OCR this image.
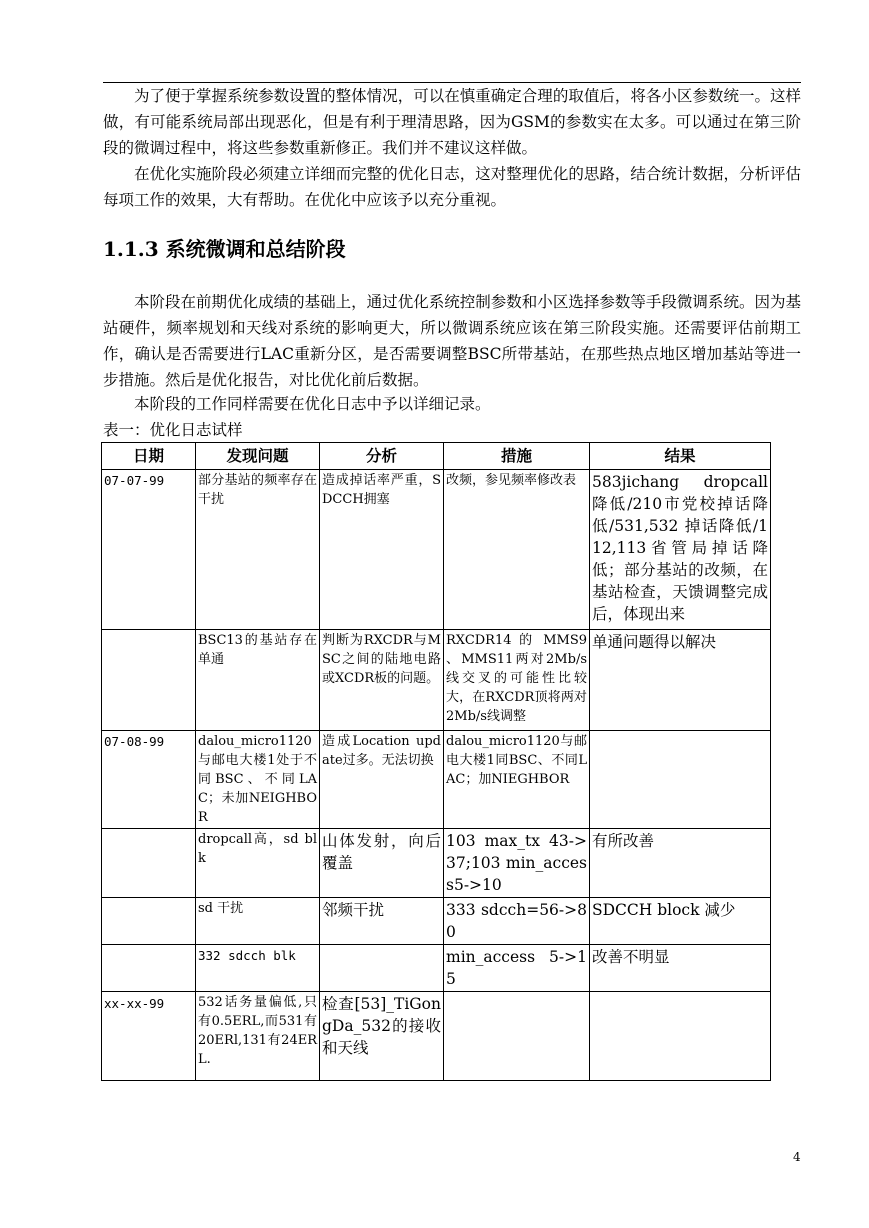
为了便于掌握系统参数设置的整体情况，可以在慎重确定合理的取值后，将各小区参数统一。这样做，有可能系统局部出现恶化，但是有利于理清思路，因为GSM的参数实在太多。可以通过在第三阶段的微调过程中，将这些参数重新修正。我们并不建议这样做。

在优化实施阶段必须建立详细而完整的优化日志，这对整理优化的思路，结合统计数据，分析评估每项工作的效果，大有帮助。在优化中应该予以充分重视。

1.1.3 系统微调和总结阶段

本阶段在前期优化成绩的基础上，通过优化系统控制参数和小区选择参数等手段微调系统。因为基站硬件，频率规划和天线对系统的影响更大，所以微调系统应该在第三阶段实施。还需要评估前期工作，确认是否需要进行LAC重新分区，是否需要调整BSC所带基站，在那些热点地区增加基站等进一步措施。然后是优化报告，对比优化前后数据。

本阶段的工作同样需要在优化日志中予以详细记录。

表一：优化日志试样

日期	发现问题	分析	措施	结果
07-07-99	部分基站的频率存在干扰	造成掉话率严重，SDCCH拥塞	改频，参见频率修改表	583jichang dropcall 降低/210市党校掉话降低/531,532 掉话降低/112,113省管局掉话降低；部分基站的改频，在基站检查，天馈调整完成后，体现出来
	BSC13的基站存在单通	判断为RXCDR与MSC之间的陆地电路或XCDR板的问题。	RXCDR14 的 MMS9 、MMS11两对2Mb/s线交叉的可能性比较大，在RXCDR顶将两对2Mb/s线调整	单通问题得以解决
07-08-99	dalou_micro1120与邮电大楼1处于不同BSC、不同LAC；未加NEIGHBOR	造成Location update过多。无法切换	dalou_micro1120与邮电大楼1同BSC、不同LAC；加NIEGHBOR	
	dropcall高，sd blk	山体发射，向后覆盖	103 max_tx 43->37;103 min_access5->10	有所改善
	sd 干扰	邻频干扰	333 sdcch=56->80	SDCCH block 减少
	332 sdcch blk		min_access 5->15	改善不明显
xx-xx-99	532话务量偏低,只有0.5ERL,而531有20ERl,131有24ERL.	检查[53]_TiGongDa_532的接收和天线		
4
